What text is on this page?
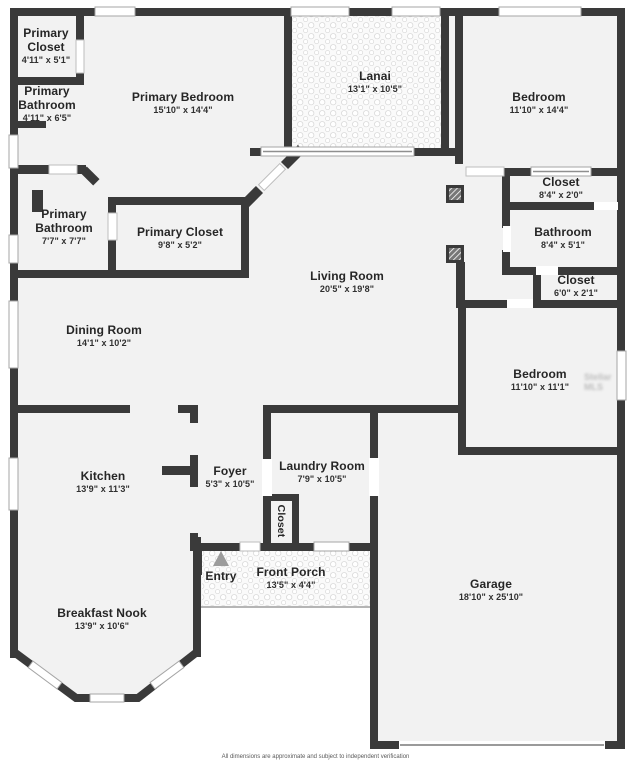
Primary Closet
4'11" x 5'1"
Primary Bathroom
4'11" x 6'5"
Primary Bedroom
15'10" x 14'4"
Lanai
13'1" x 10'5"
Bedroom
11'10" x 14'4"
Closet
8'4" x 2'0"
Bathroom
8'4" x 5'1"
Closet
6'0" x 2'1"
Primary Bathroom
7'7" x 7'7"
Primary Closet
9'8" x 5'2"
Living Room
20'5" x 19'8"
Dining Room
14'1" x 10'2"
Bedroom
11'10" x 11'1"
Kitchen
13'9" x 11'3"
Foyer
5'3" x 10'5"
Laundry Room
7'9" x 10'5"
Closet
Front Porch
13'5" x 4'4"
Entry
Breakfast Nook
13'9" x 10'6"
Garage
18'10" x 25'10"
Stellar MLS
All dimensions are approximate and subject to independent verification
